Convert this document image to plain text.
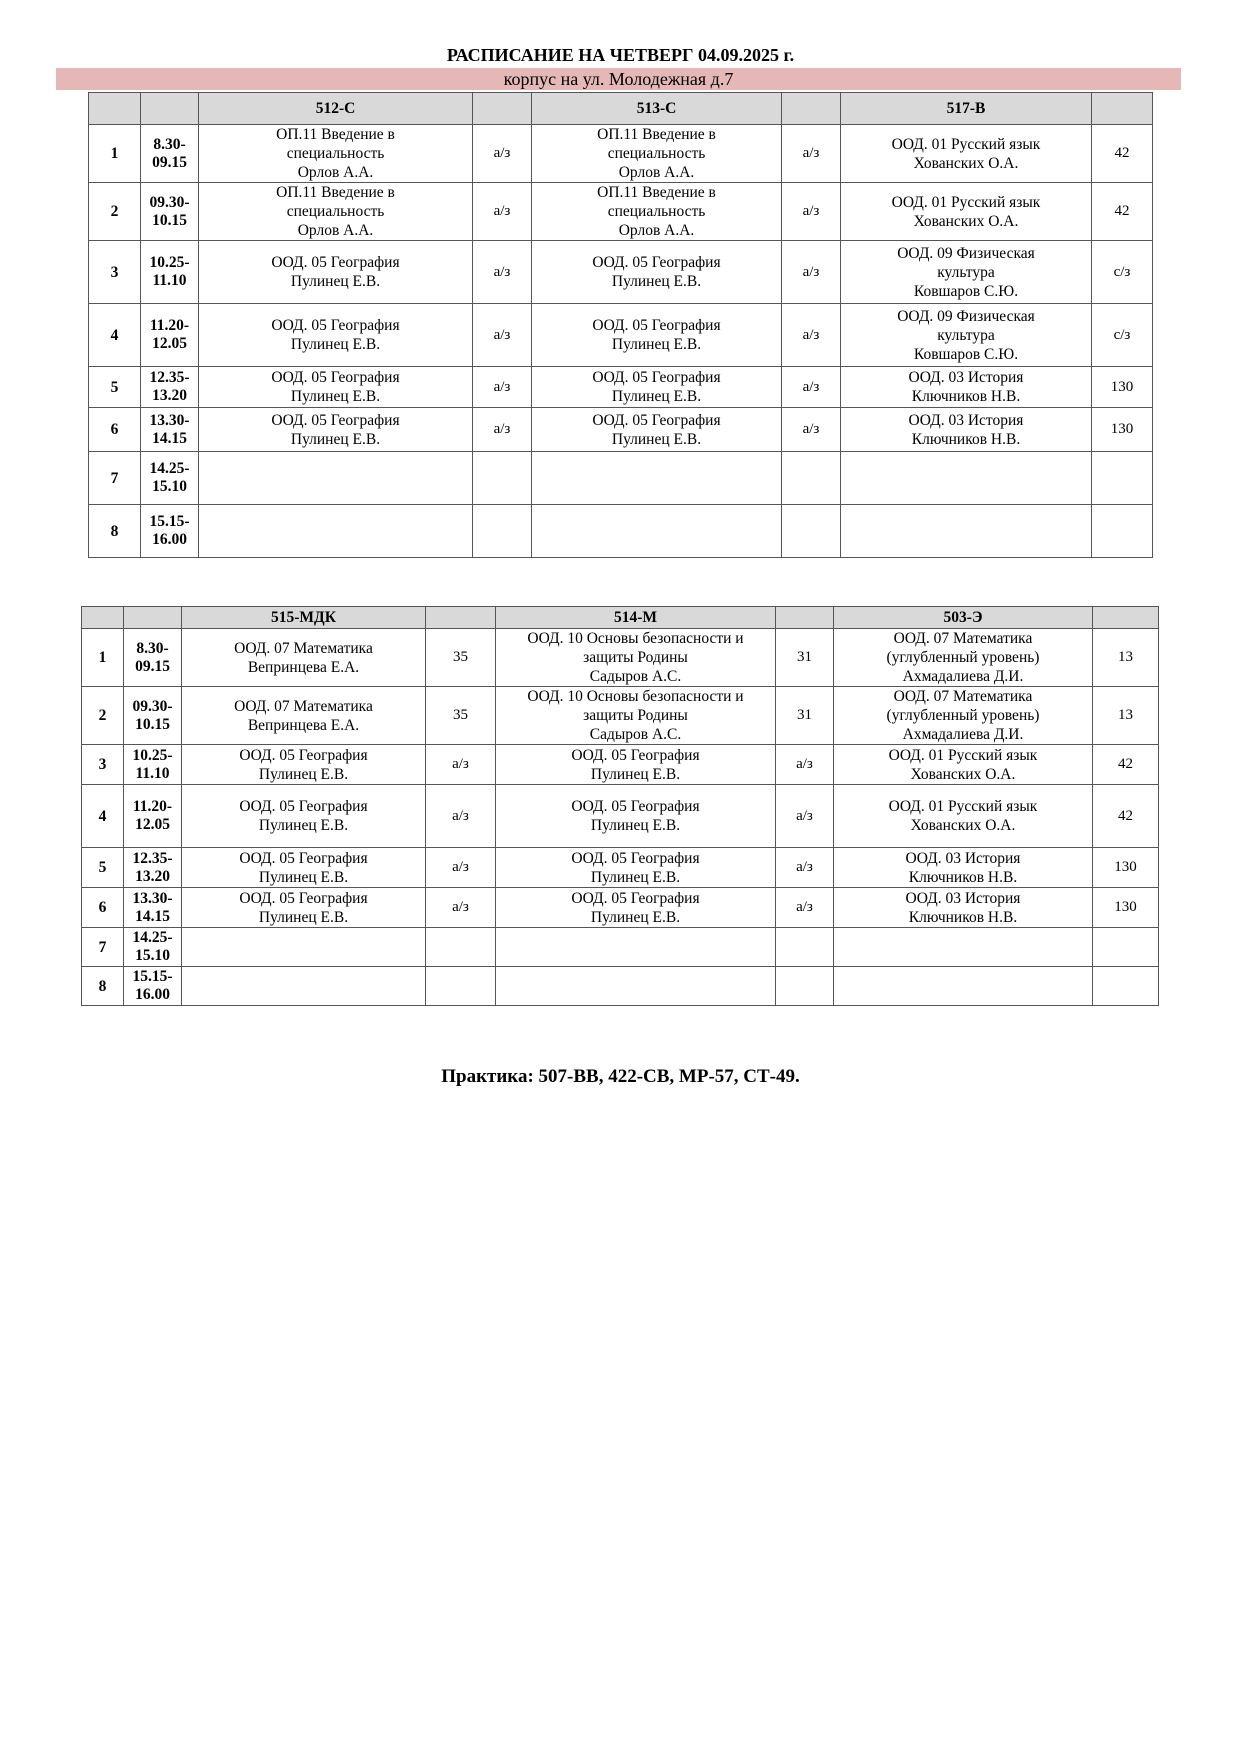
РАСПИСАНИЕ НА ЧЕТВЕРГ 04.09.2025 г.
корпус на ул. Молодежная д.7
		512-С		513-С		517-В	
1	8.30-
09.15	ОП.11 Введение в
специальность
Орлов А.А.	а/з	ОП.11 Введение в
специальность
Орлов А.А.	а/з	ООД. 01 Русский язык
Хованских О.А.	42
2	09.30-
10.15	ОП.11 Введение в
специальность
Орлов А.А.	а/з	ОП.11 Введение в
специальность
Орлов А.А.	а/з	ООД. 01 Русский язык
Хованских О.А.	42
3	10.25-
11.10	ООД. 05 География
Пулинец Е.В.	а/з	ООД. 05 География
Пулинец Е.В.	а/з	ООД. 09 Физическая
культура
Ковшаров С.Ю.	с/з
4	11.20-
12.05	ООД. 05 География
Пулинец Е.В.	а/з	ООД. 05 География
Пулинец Е.В.	а/з	ООД. 09 Физическая
культура
Ковшаров С.Ю.	с/з
5	12.35-
13.20	ООД. 05 География
Пулинец Е.В.	а/з	ООД. 05 География
Пулинец Е.В.	а/з	ООД. 03 История
Ключников Н.В.	130
6	13.30-
14.15	ООД. 05 География
Пулинец Е.В.	а/з	ООД. 05 География
Пулинец Е.В.	а/з	ООД. 03 История
Ключников Н.В.	130
7	14.25-
15.10						
8	15.15-
16.00						
		515-МДК		514-М		503-Э	
1	8.30-
09.15	ООД. 07 Математика
Вепринцева Е.А.	35	ООД. 10 Основы безопасности и
защиты Родины
Садыров А.С.	31	ООД. 07 Математика
(углубленный уровень)
Ахмадалиева Д.И.	13
2	09.30-
10.15	ООД. 07 Математика
Вепринцева Е.А.	35	ООД. 10 Основы безопасности и
защиты Родины
Садыров А.С.	31	ООД. 07 Математика
(углубленный уровень)
Ахмадалиева Д.И.	13
3	10.25-
11.10	ООД. 05 География
Пулинец Е.В.	а/з	ООД. 05 География
Пулинец Е.В.	а/з	ООД. 01 Русский язык
Хованских О.А.	42
4	11.20-
12.05	ООД. 05 География
Пулинец Е.В.	а/з	ООД. 05 География
Пулинец Е.В.	а/з	ООД. 01 Русский язык
Хованских О.А.	42
5	12.35-
13.20	ООД. 05 География
Пулинец Е.В.	а/з	ООД. 05 География
Пулинец Е.В.	а/з	ООД. 03 История
Ключников Н.В.	130
6	13.30-
14.15	ООД. 05 География
Пулинец Е.В.	а/з	ООД. 05 География
Пулинец Е.В.	а/з	ООД. 03 История
Ключников Н.В.	130
7	14.25-
15.10						
8	15.15-
16.00						
Практика: 507-ВВ, 422-СВ, МР-57, СТ-49.
